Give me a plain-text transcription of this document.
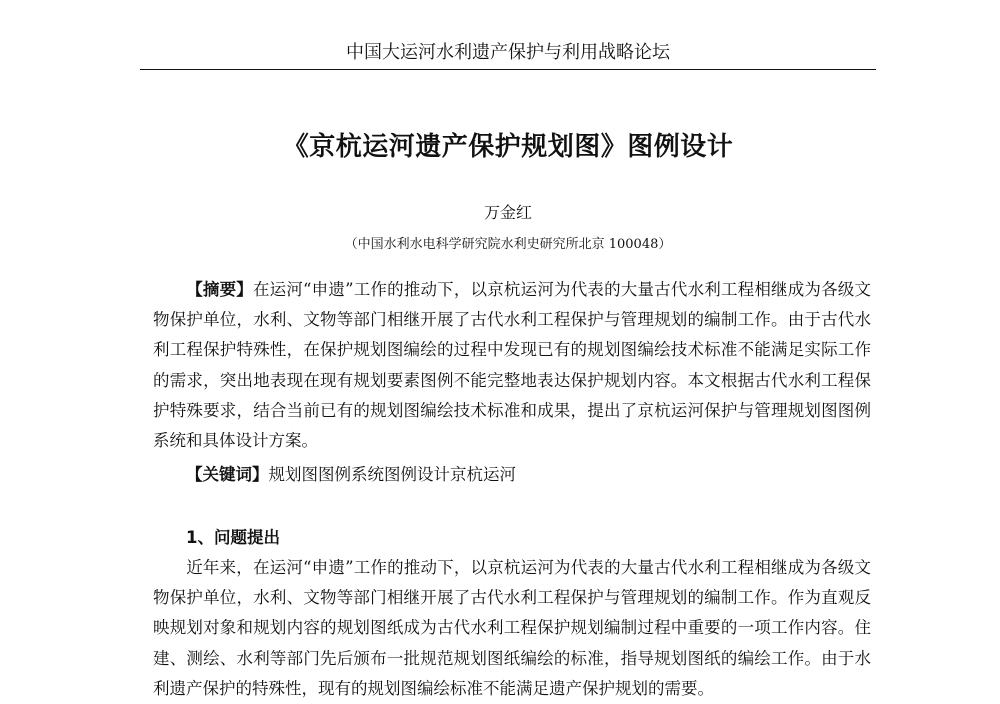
中国大运河水利遗产保护与利用战略论坛
《京杭运河遗产保护规划图》图例设计
万金红
（中国水利水电科学研究院水利史研究所北京 100048）

【摘要】在运河“申遗”工作的推动下，以京杭运河为代表的大量古代水利工程相继成为各级文物保护单位，水利、文物等部门相继开展了古代水利工程保护与管理规划的编制工作。由于古代水利工程保护特殊性，在保护规划图编绘的过程中发现已有的规划图编绘技术标准不能满足实际工作的需求，突出地表现在现有规划要素图例不能完整地表达保护规划内容。本文根据古代水利工程保护特殊要求，结合当前已有的规划图编绘技术标准和成果，提出了京杭运河保护与管理规划图图例系统和具体设计方案。

【关键词】规划图图例系统图例设计京杭运河

1、问题提出

近年来，在运河“申遗”工作的推动下，以京杭运河为代表的大量古代水利工程相继成为各级文物保护单位，水利、文物等部门相继开展了古代水利工程保护与管理规划的编制工作。作为直观反映规划对象和规划内容的规划图纸成为古代水利工程保护规划编制过程中重要的一项工作内容。住建、测绘、水利等部门先后颁布一批规范规划图纸编绘的标准，指导规划图纸的编绘工作。由于水利遗产保护的特殊性，现有的规划图编绘标准不能满足遗产保护规划的需要。
